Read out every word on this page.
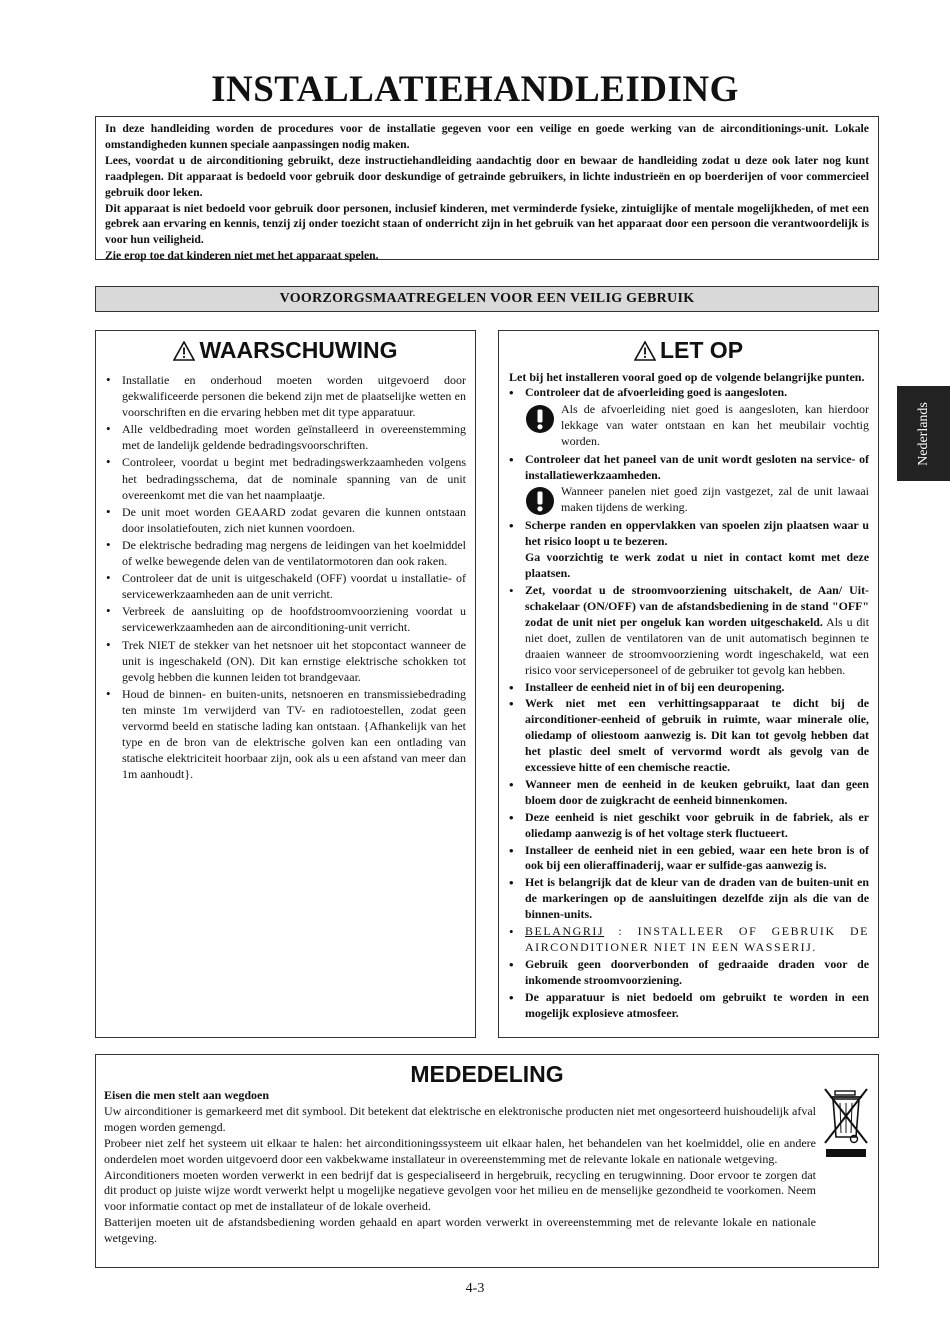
INSTALLATIEHANDLEIDING

In deze handleiding worden de procedures voor de installatie gegeven voor een veilige en goede werking van de airconditionings-unit. Lokale omstandigheden kunnen speciale aanpassingen nodig maken.

Lees, voordat u de airconditioning gebruikt, deze instructiehandleiding aandachtig door en bewaar de handleiding zodat u deze ook later nog kunt raadplegen. Dit apparaat is bedoeld voor gebruik door deskundige of getrainde gebruikers, in lichte industrieën en op boerderijen of voor commercieel gebruik door leken.

Dit apparaat is niet bedoeld voor gebruik door personen, inclusief kinderen, met verminderde fysieke, zintuiglijke of mentale mogelijkheden, of met een gebrek aan ervaring en kennis, tenzij zij onder toezicht staan of onderricht zijn in het gebruik van het apparaat door een persoon die verantwoordelijk is voor hun veiligheid.

Zie erop toe dat kinderen niet met het apparaat spelen.

VOORZORGSMAATREGELEN VOOR EEN VEILIG GEBRUIK
Nederlands
WAARSCHUWING
• Installatie en onderhoud moeten worden uitgevoerd door gekwalificeerde personen die bekend zijn met de plaatselijke wetten en voorschriften en die ervaring hebben met dit type apparatuur.
• Alle veldbedrading moet worden geïnstalleerd in overeenstemming met de landelijk geldende bedradingsvoorschriften.
• Controleer, voordat u begint met bedradingswerkzaamheden volgens het bedradingsschema, dat de nominale spanning van de unit overeenkomt met die van het naamplaatje.
• De unit moet worden GEAARD zodat gevaren die kunnen ontstaan door insolatiefouten, zich niet kunnen voordoen.
• De elektrische bedrading mag nergens de leidingen van het koelmiddel of welke bewegende delen van de ventilatormotoren dan ook raken.
• Controleer dat de unit is uitgeschakeld (OFF) voordat u installatie- of servicewerkzaamheden aan de unit verricht.
• Verbreek de aansluiting op de hoofdstroomvoorziening voordat u servicewerkzaamheden aan de airconditioning-unit verricht.
• Trek NIET de stekker van het netsnoer uit het stopcontact wanneer de unit is ingeschakeld (ON). Dit kan ernstige elektrische schokken tot gevolg hebben die kunnen leiden tot brandgevaar.
• Houd de binnen- en buiten-units, netsnoeren en transmissiebedrading ten minste 1m verwijderd van TV- en radiotoestellen, zodat geen vervormd beeld en statische lading kan ontstaan. {Afhankelijk van het type en de bron van de elektrische golven kan een ontlading van statische elektriciteit hoorbaar zijn, ook als u een afstand van meer dan 1m aanhoudt}.
LET OP

Let bij het installeren vooral goed op de volgende belangrijke punten.

• Controleer dat de afvoerleiding goed is aangesloten.
Als de afvoerleiding niet goed is aangesloten, kan hierdoor lekkage van water ontstaan en kan het meubilair vochtig worden.
• Controleer dat het paneel van de unit wordt gesloten na service- of installatiewerkzaamheden.
Wanneer panelen niet goed zijn vastgezet, zal de unit lawaai maken tijdens de werking.
• Scherpe randen en oppervlakken van spoelen zijn plaatsen waar u het risico loopt u te bezeren.
Ga voorzichtig te werk zodat u niet in contact komt met deze plaatsen.
• Zet, voordat u de stroomvoorziening uitschakelt, de Aan/ Uit-schakelaar (ON/OFF) van de afstandsbediening in de stand "OFF" zodat de unit niet per ongeluk kan worden uitgeschakeld. Als u dit niet doet, zullen de ventilatoren van de unit automatisch beginnen te draaien wanneer de stroomvoorziening wordt ingeschakeld, wat een risico voor servicepersoneel of de gebruiker tot gevolg kan hebben.
• Installeer de eenheid niet in of bij een deuropening.
• Werk niet met een verhittingsapparaat te dicht bij de airconditioner-eenheid of gebruik in ruimte, waar minerale olie, oliedamp of oliestoom aanwezig is. Dit kan tot gevolg hebben dat het plastic deel smelt of vervormd wordt als gevolg van de excessieve hitte of een chemische reactie.
• Wanneer men de eenheid in de keuken gebruikt, laat dan geen bloem door de zuigkracht de eenheid binnenkomen.
• Deze eenheid is niet geschikt voor gebruik in de fabriek, als er oliedamp aanwezig is of het voltage sterk fluctueert.
• Installeer de eenheid niet in een gebied, waar een hete bron is of ook bij een olieraffinaderij, waar er sulfide-gas aanwezig is.
• Het is belangrijk dat de kleur van de draden van de buiten-unit en de markeringen op de aansluitingen dezelfde zijn als die van de binnen-units.
• BELANGRIJ : INSTALLEER OF GEBRUIK DE AIRCONDITIONER NIET IN EEN WASSERIJ.
• Gebruik geen doorverbonden of gedraaide draden voor de inkomende stroomvoorziening.
• De apparatuur is niet bedoeld om gebruikt te worden in een mogelijk explosieve atmosfeer.
MEDEDELING

Eisen die men stelt aan wegdoen

Uw airconditioner is gemarkeerd met dit symbool. Dit betekent dat elektrische en elektronische producten niet met ongesorteerd huishoudelijk afval mogen worden gemengd.

Probeer niet zelf het systeem uit elkaar te halen: het airconditioningssysteem uit elkaar halen, het behandelen van het koelmiddel, olie en andere onderdelen moet worden uitgevoerd door een vakbekwame installateur in overeenstemming met de relevante lokale en nationale wetgeving.

Airconditioners moeten worden verwerkt in een bedrijf dat is gespecialiseerd in hergebruik, recycling en terugwinning. Door ervoor te zorgen dat dit product op juiste wijze wordt verwerkt helpt u mogelijke negatieve gevolgen voor het milieu en de menselijke gezondheid te voorkomen. Neem voor informatie contact op met de installateur of de lokale overheid.

Batterijen moeten uit de afstandsbediening worden gehaald en apart worden verwerkt in overeenstemming met de relevante lokale en nationale wetgeving.

4-3
